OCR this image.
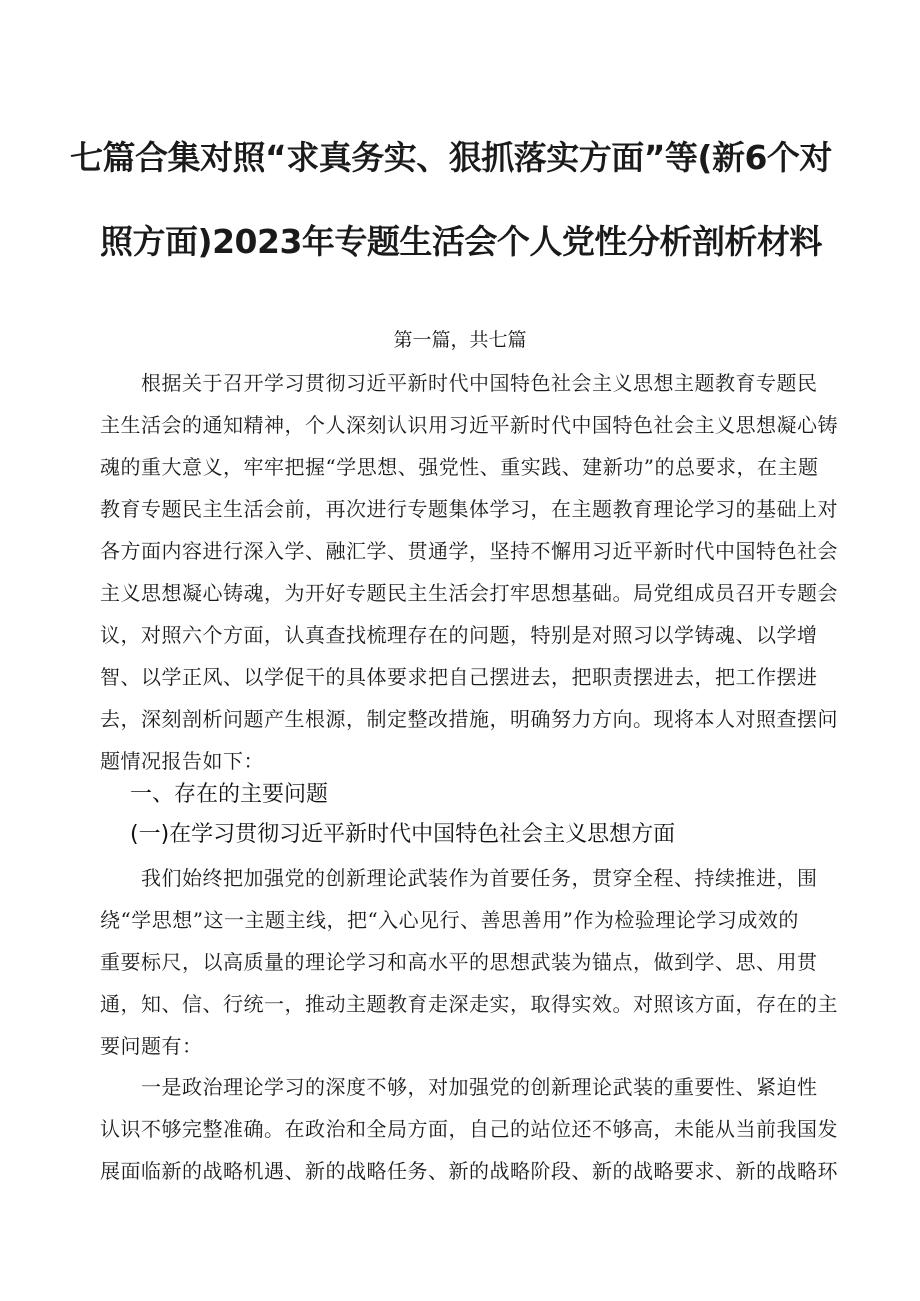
七篇合集对照“求真务实、狠抓落实方面”等(新6个对
照方面)2023年专题生活会个人党性分析剖析材料
第一篇，共七篇
　　根据关于召开学习贯彻习近平新时代中国特色社会主义思想主题教育专题民
主生活会的通知精神，个人深刻认识用习近平新时代中国特色社会主义思想凝心铸
魂的重大意义，牢牢把握“学思想、强党性、重实践、建新功”的总要求，在主题
教育专题民主生活会前，再次进行专题集体学习，在主题教育理论学习的基础上对
各方面内容进行深入学、融汇学、贯通学，坚持不懈用习近平新时代中国特色社会
主义思想凝心铸魂，为开好专题民主生活会打牢思想基础。局党组成员召开专题会
议，对照六个方面，认真查找梳理存在的问题，特别是对照习以学铸魂、以学增
智、以学正风、以学促干的具体要求把自己摆进去，把职责摆进去，把工作摆进
去，深刻剖析问题产生根源，制定整改措施，明确努力方向。现将本人对照查摆问
题情况报告如下：
一、存在的主要问题
(一)在学习贯彻习近平新时代中国特色社会主义思想方面
　　我们始终把加强党的创新理论武装作为首要任务，贯穿全程、持续推进，围
绕“学思想”这一主题主线，把“入心见行、善思善用”作为检验理论学习成效的
重要标尺，以高质量的理论学习和高水平的思想武装为锚点，做到学、思、用贯
通，知、信、行统一，推动主题教育走深走实，取得实效。对照该方面，存在的主
要问题有：
　　一是政治理论学习的深度不够，对加强党的创新理论武装的重要性、紧迫性
认识不够完整准确。在政治和全局方面，自己的站位还不够高，未能从当前我国发
展面临新的战略机遇、新的战略任务、新的战略阶段、新的战略要求、新的战略环
